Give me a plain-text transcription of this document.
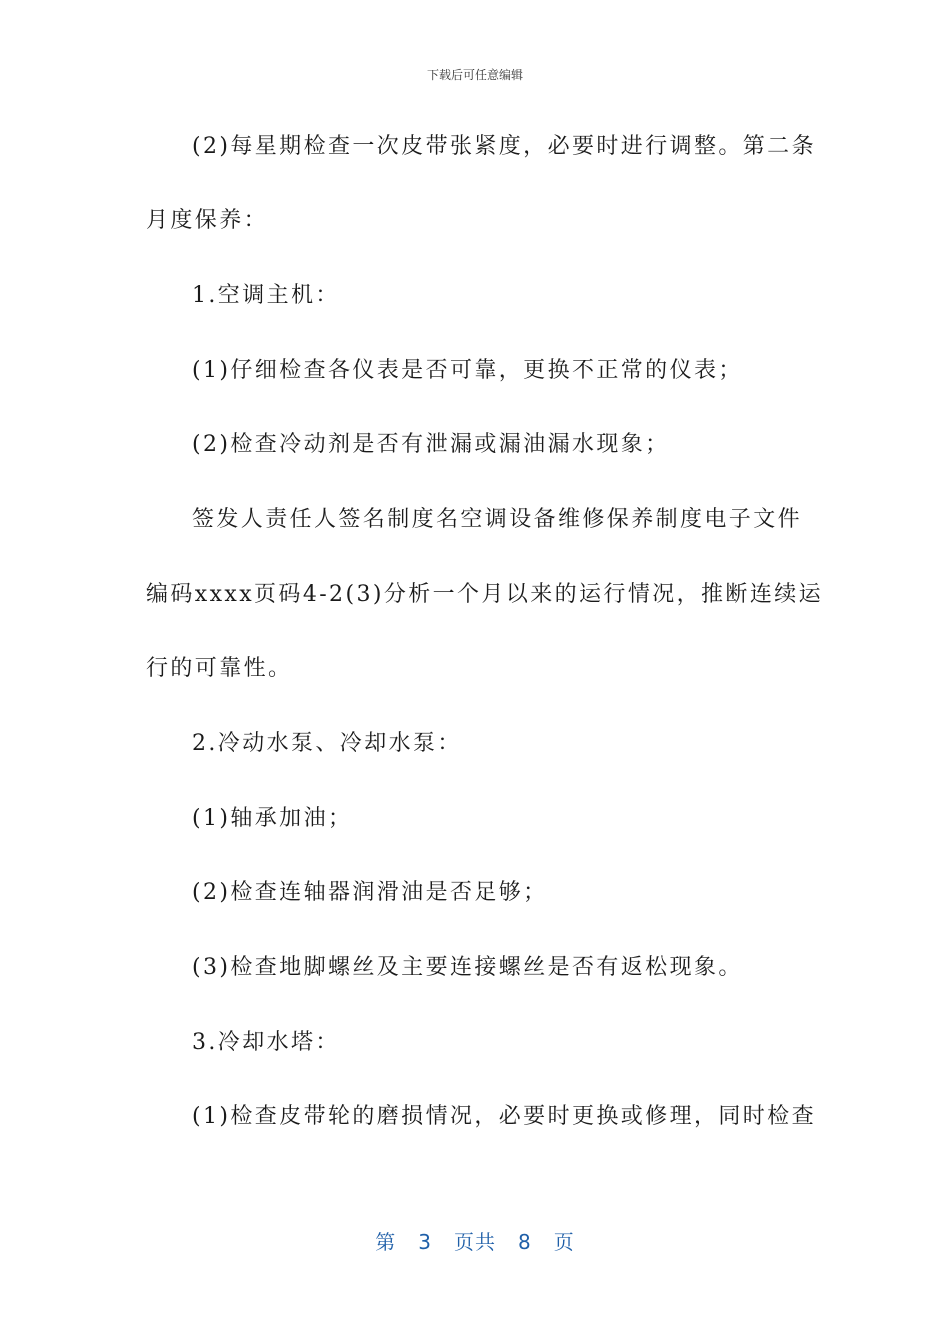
下载后可任意编辑
(2)每星期检查一次皮带张紧度，必要时进行调整。第二条
月度保养：
1.空调主机：
(1)仔细检查各仪表是否可靠，更换不正常的仪表；
(2)检查冷动剂是否有泄漏或漏油漏水现象；
签发人责任人签名制度名空调设备维修保养制度电子文件
编码xxxx页码4-2(3)分析一个月以来的运行情况，推断连续运
行的可靠性。
2.冷动水泵、冷却水泵：
(1)轴承加油；
(2)检查连轴器润滑油是否足够；
(3)检查地脚螺丝及主要连接螺丝是否有返松现象。
3.冷却水塔：
(1)检查皮带轮的磨损情况，必要时更换或修理，同时检查
第 3 页共 8 页
